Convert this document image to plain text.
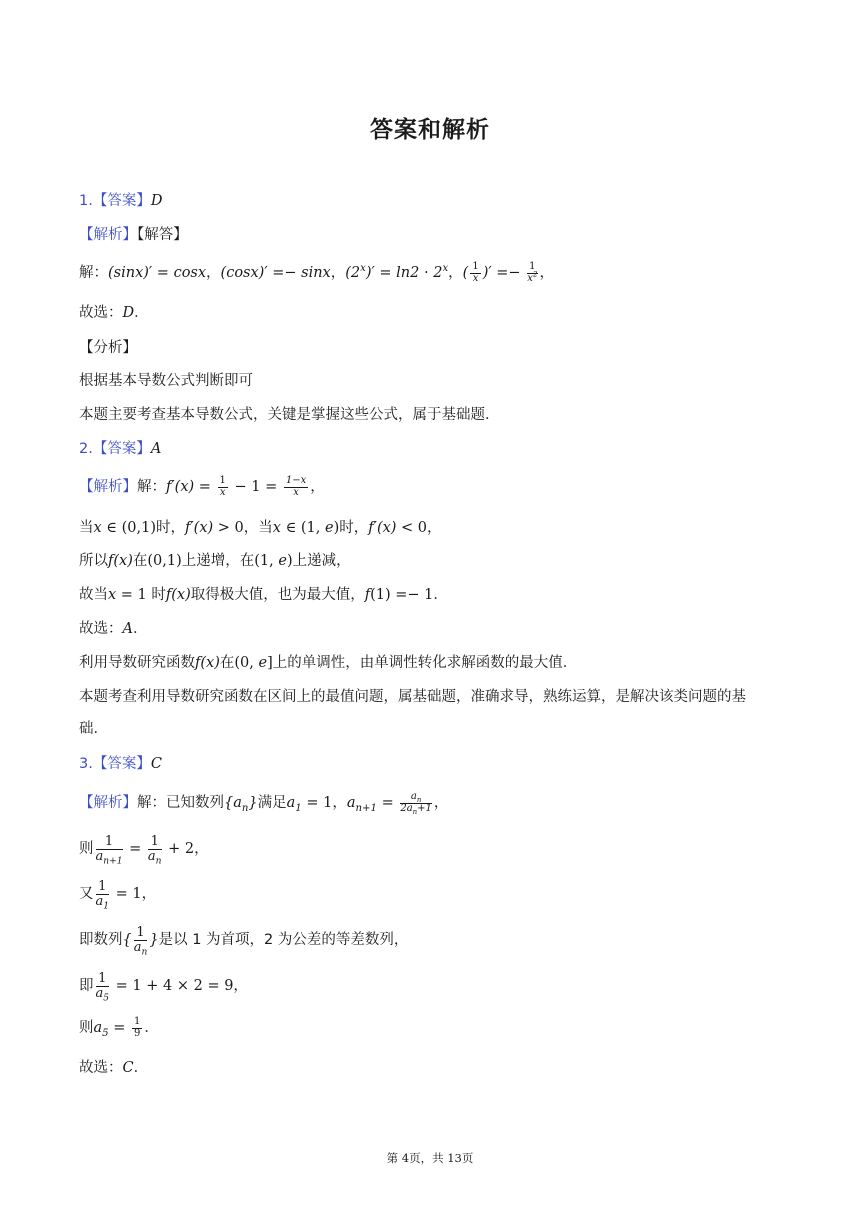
答案和解析
1.【答案】D
【解析】【解答】
解：(sinx)′ = cosx，(cosx)′ =− sinx，$(2^x)' = \ln 2 \cdot 2^x$，( $\frac{1}{x}$ )′ =− $\frac{1}{x^2}$ ，
故选：D．
【分析】
根据基本导数公式判断即可
本题主要考查基本导数公式，关键是掌握这些公式，属于基础题．
2.【答案】A
【解析】解：$f'(x) = \frac{1}{x} - 1 = \frac{1-x}{x}$ ，
当x ∈ (0,1)时，f′(x) > 0，当x ∈ (1, e)时，f′(x) < 0，
所以f(x)在(0,1)上递增，在(1, e)上递减，
故当x = 1 时f(x)取得极大值，也为最大值，f(1) =− 1．
故选：A．
利用导数研究函数f(x)在(0, e]上的单调性，由单调性转化求解函数的最大值．
本题考查利用导数研究函数在区间上的最值问题，属基础题，准确求导，熟练运算，是解决该类问题的基
础．
3.【答案】C
【解析】解：已知数列$\{a_n\}$满足$a_1 = 1$，$a_{n+1} = \frac{a_n}{2a_n+1}$ ，
则 $\frac{1}{a_{n+1}} = \frac{1}{a_n} + 2$，
又 $\frac{1}{a_1} = 1$，
即数列{ $\frac{1}{a_n}$ }是以 1 为首项，2 为公差的等差数列，
即 $\frac{1}{a_5} = 1 + 4 \times 2 = 9$，
则$a_5 = \frac{1}{9}$ ．
故选：C．
第 4页，共 13页
